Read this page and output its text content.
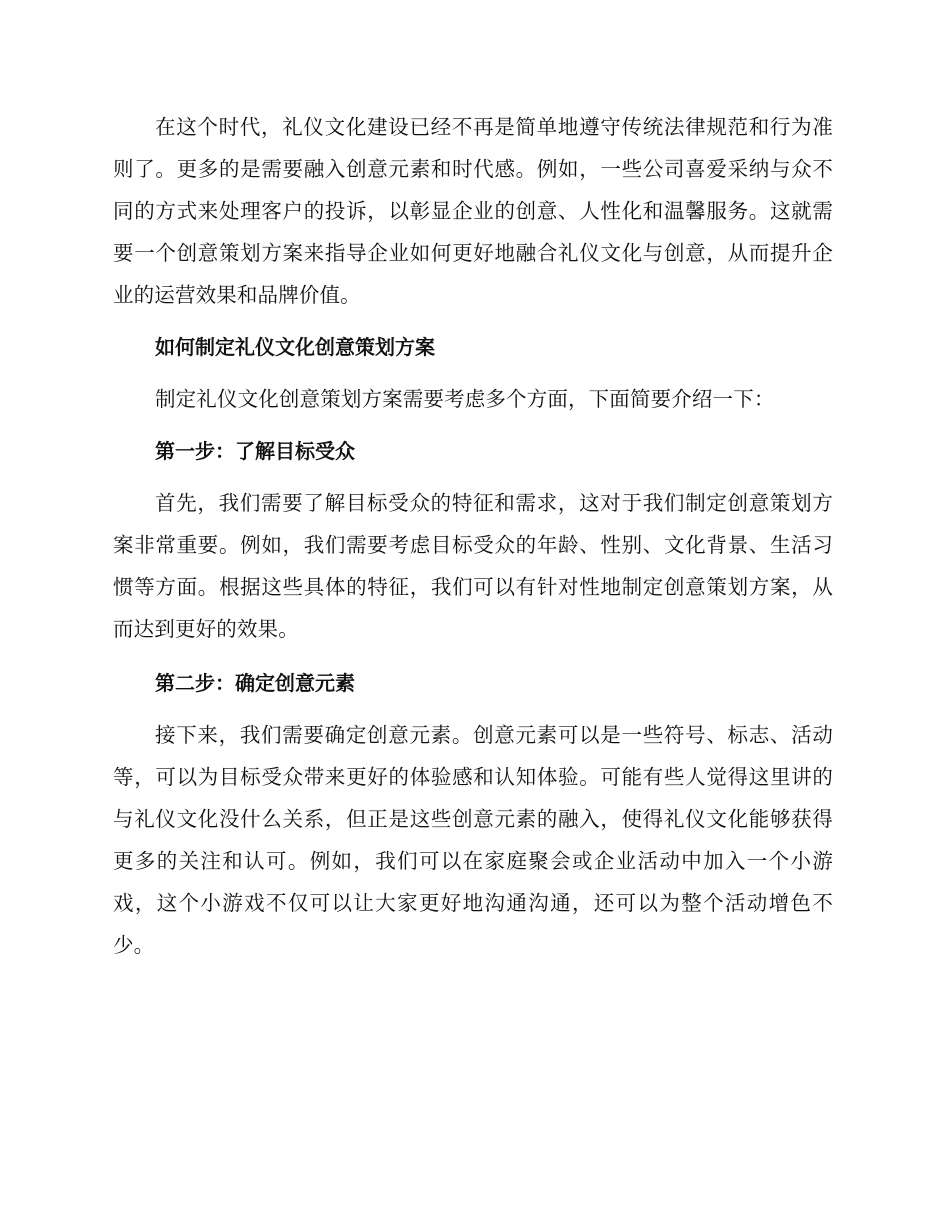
在这个时代，礼仪文化建设已经不再是简单地遵守传统法律规范和行为准则了。更多的是需要融入创意元素和时代感。例如，一些公司喜爱采纳与众不同的方式来处理客户的投诉，以彰显企业的创意、人性化和温馨服务。这就需要一个创意策划方案来指导企业如何更好地融合礼仪文化与创意，从而提升企业的运营效果和品牌价值。

如何制定礼仪文化创意策划方案

制定礼仪文化创意策划方案需要考虑多个方面，下面简要介绍一下：

第一步：了解目标受众

首先，我们需要了解目标受众的特征和需求，这对于我们制定创意策划方案非常重要。例如，我们需要考虑目标受众的年龄、性别、文化背景、生活习惯等方面。根据这些具体的特征，我们可以有针对性地制定创意策划方案，从而达到更好的效果。

第二步：确定创意元素

接下来，我们需要确定创意元素。创意元素可以是一些符号、标志、活动等，可以为目标受众带来更好的体验感和认知体验。可能有些人觉得这里讲的与礼仪文化没什么关系，但正是这些创意元素的融入，使得礼仪文化能够获得更多的关注和认可。例如，我们可以在家庭聚会或企业活动中加入一个小游戏，这个小游戏不仅可以让大家更好地沟通沟通，还可以为整个活动增色不少。
